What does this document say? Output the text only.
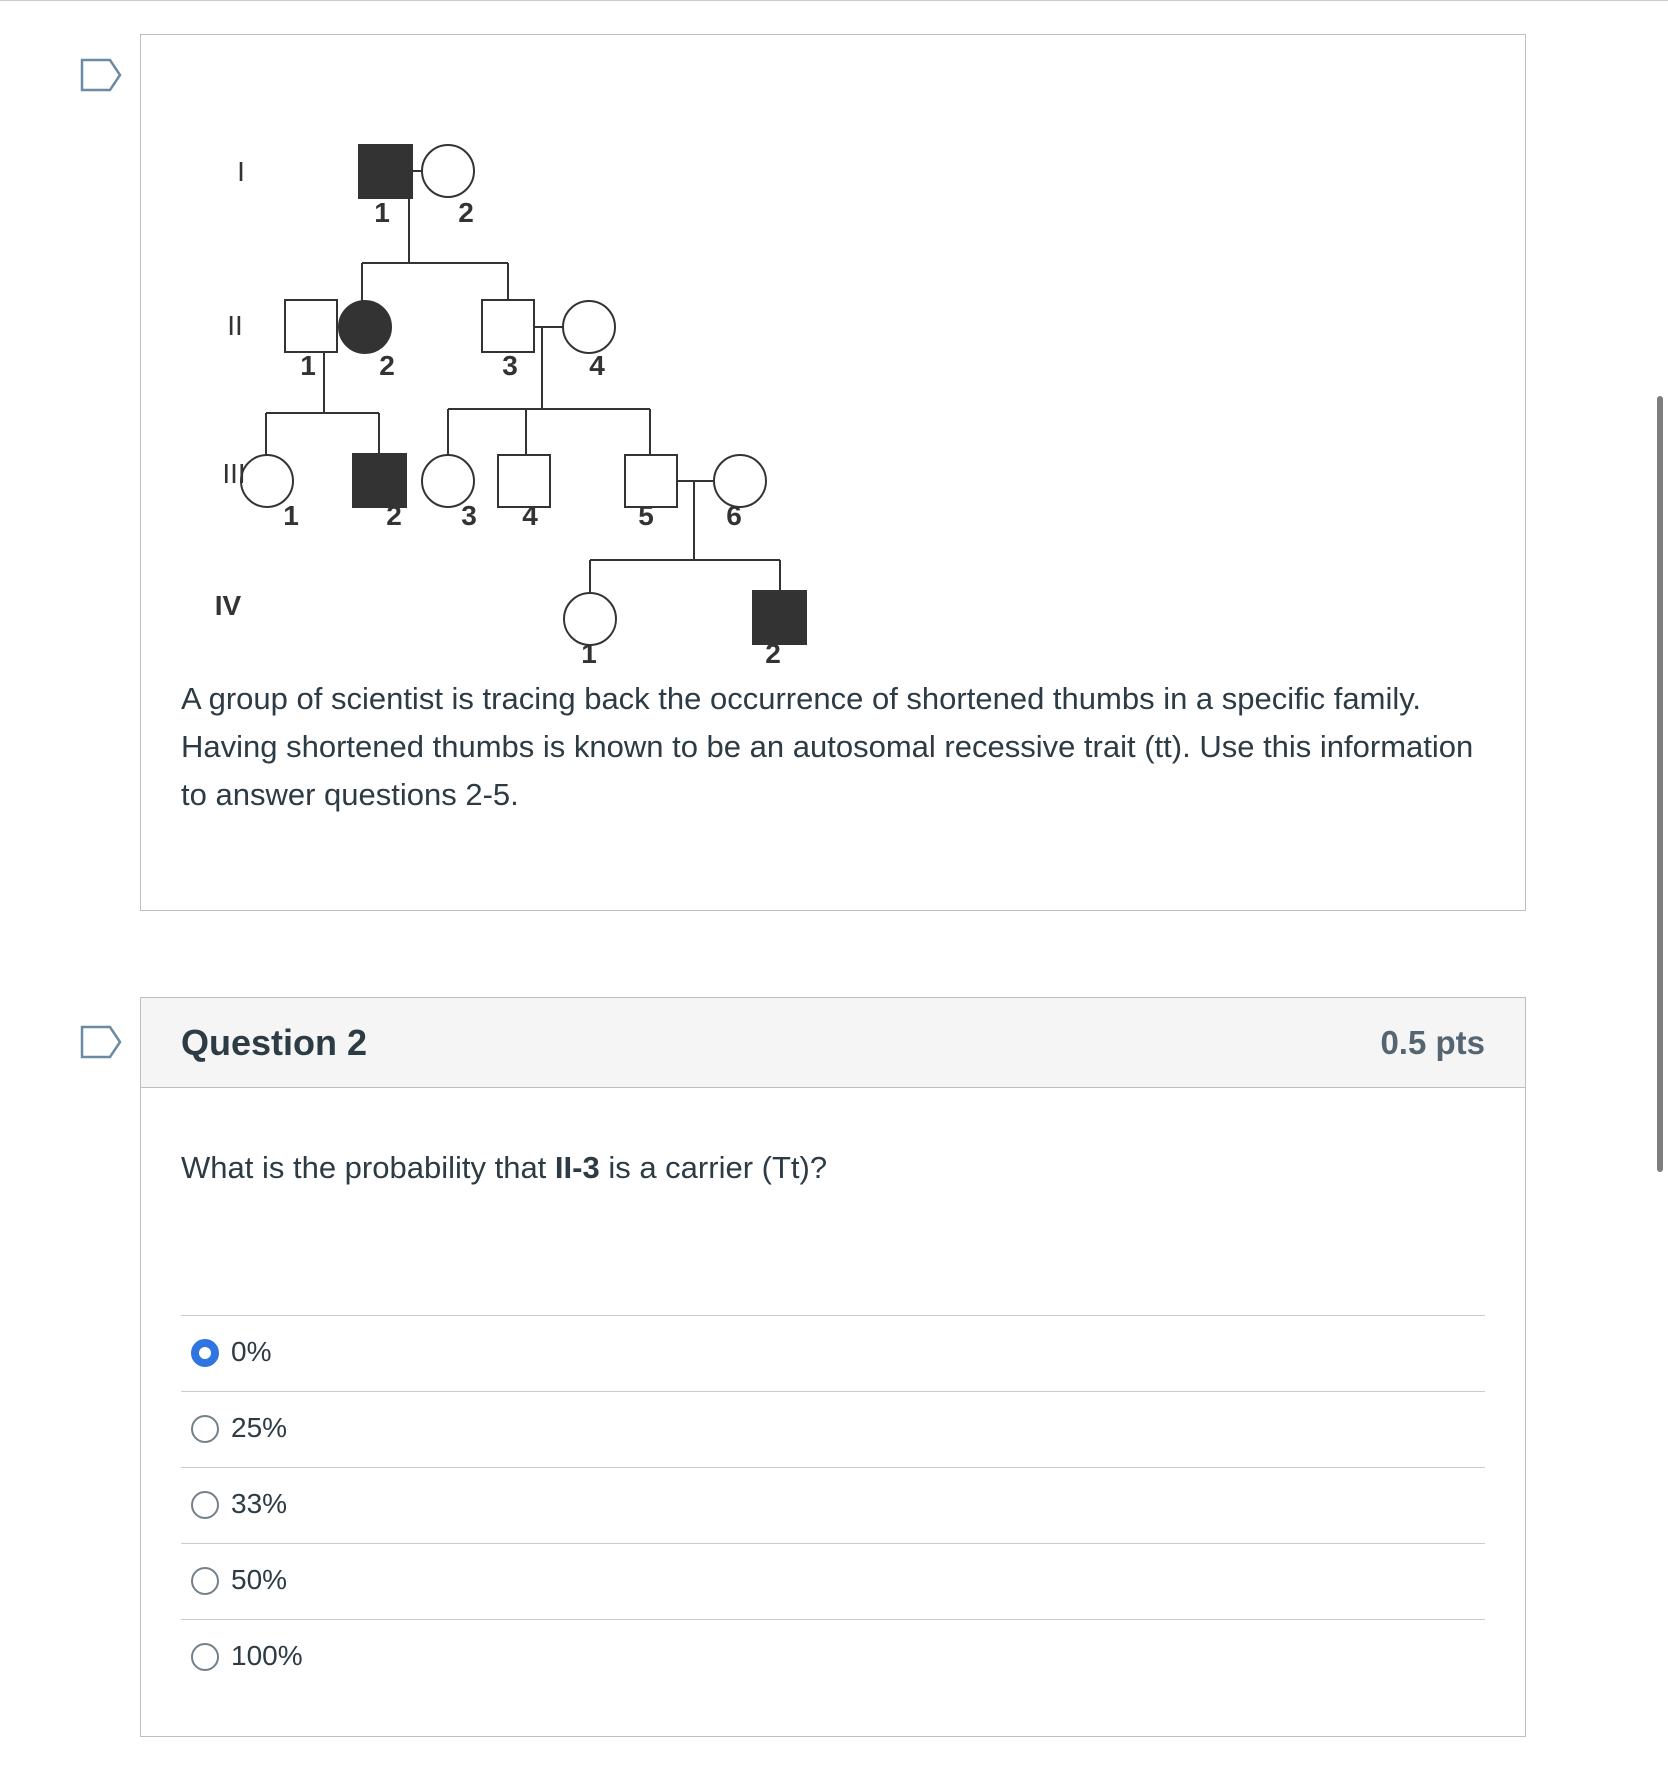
I
II
III
IV
1 2
1 2	3	4
1	2 3 4	5	6
1	2

A group of scientist is tracing back the occurrence of shortened thumbs in a specific family. Having shortened thumbs is known to be an autosomal recessive trait (tt). Use this information to answer questions 2-5.

Question 2	0.5 pts
What is the probability that II-3 is a carrier (Tt)?
0%
25%
33%
50%
100%
